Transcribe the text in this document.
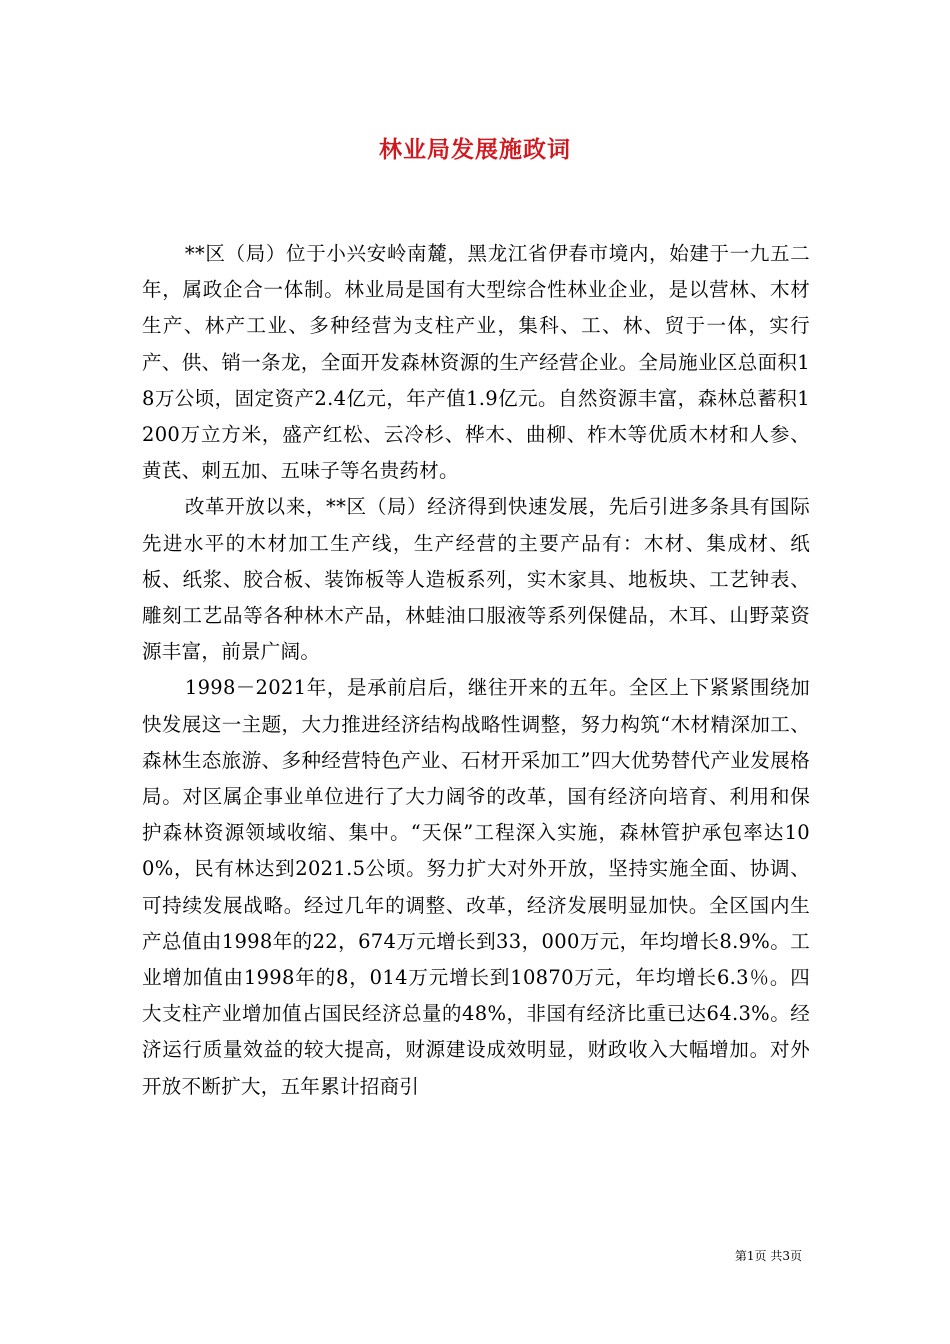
林业局发展施政词

**区（局）位于小兴安岭南麓，黑龙江省伊春市境内，始建于一九五二年，属政企合一体制。林业局是国有大型综合性林业企业，是以营林、木材生产、林产工业、多种经营为支柱产业，集科、工、林、贸于一体，实行产、供、销一条龙，全面开发森林资源的生产经营企业。全局施业区总面积18万公顷，固定资产2.4亿元，年产值1.9亿元。自然资源丰富，森林总蓄积1200万立方米，盛产红松、云冷杉、桦木、曲柳、柞木等优质木材和人参、黄芪、刺五加、五味子等名贵药材。

改革开放以来，**区（局）经济得到快速发展，先后引进多条具有国际先进水平的木材加工生产线，生产经营的主要产品有：木材、集成材、纸板、纸浆、胶合板、装饰板等人造板系列，实木家具、地板块、工艺钟表、雕刻工艺品等各种林木产品，林蛙油口服液等系列保健品，木耳、山野菜资源丰富，前景广阔。

1998－2021年，是承前启后，继往开来的五年。全区上下紧紧围绕加快发展这一主题，大力推进经济结构战略性调整，努力构筑“木材精深加工、森林生态旅游、多种经营特色产业、石材开采加工”四大优势替代产业发展格局。对区属企事业单位进行了大力阔爷的改革，国有经济向培育、利用和保护森林资源领域收缩、集中。“天保”工程深入实施，森林管护承包率达100%，民有林达到2021.5公顷。努力扩大对外开放，坚持实施全面、协调、可持续发展战略。经过几年的调整、改革，经济发展明显加快。全区国内生产总值由1998年的22，674万元增长到33，000万元，年均增长8.9%。工业增加值由1998年的8，014万元增长到10870万元，年均增长6.3％。四大支柱产业增加值占国民经济总量的48%，非国有经济比重已达64.3%。经济运行质量效益的较大提高，财源建设成效明显，财政收入大幅增加。对外开放不断扩大，五年累计招商引

第1页 共3页
